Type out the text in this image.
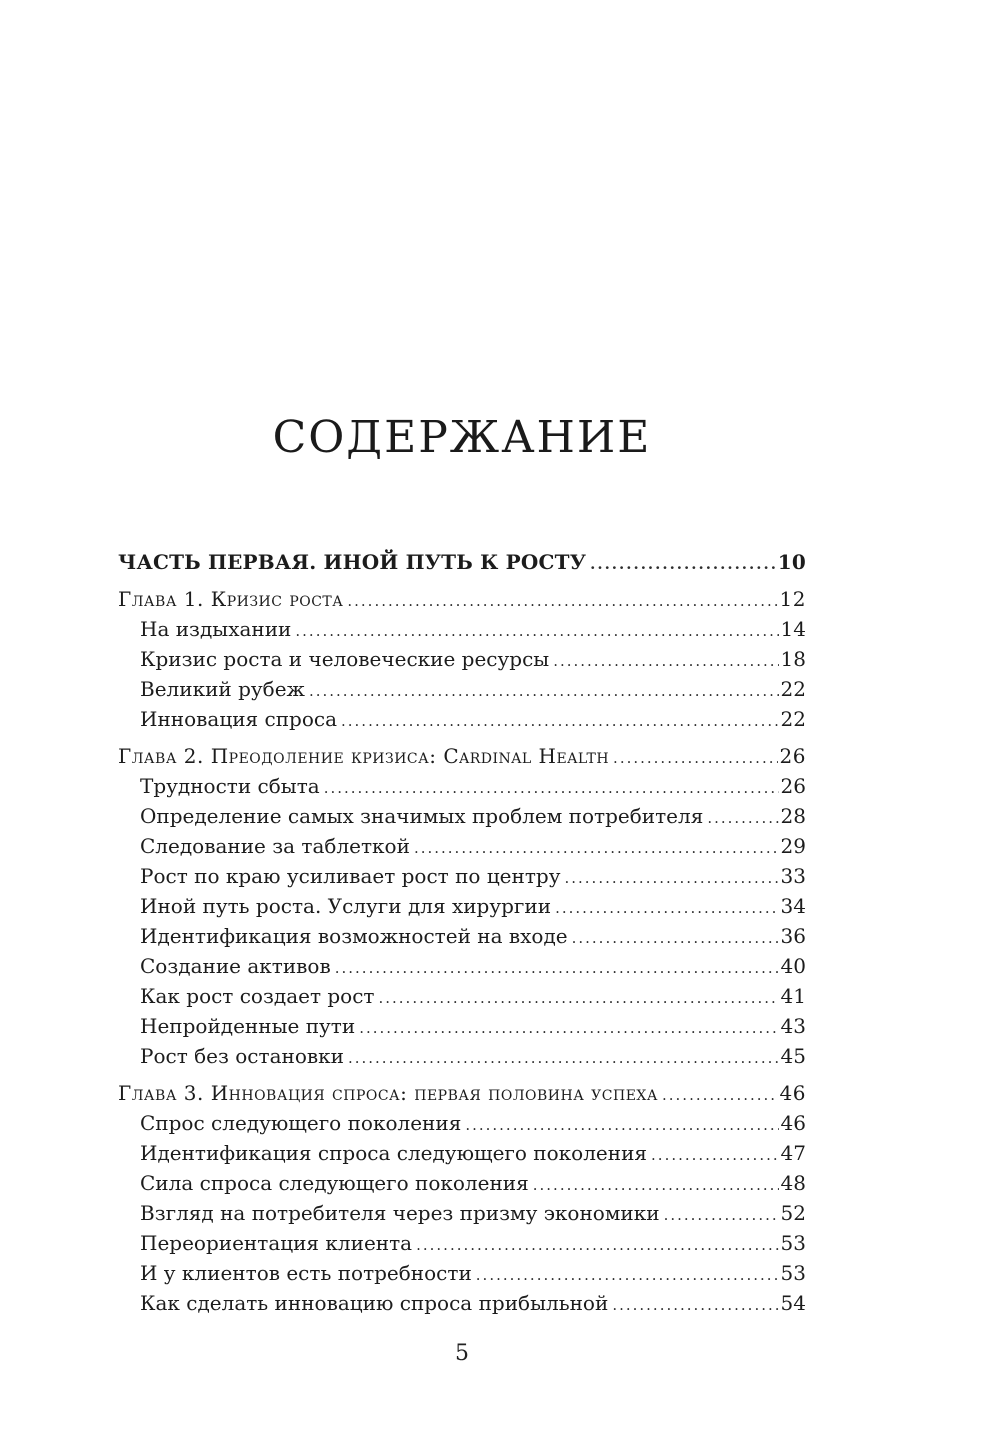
СОДЕРЖАНИЕ
ЧАСТЬ ПЕРВАЯ. ИНОЙ ПУТЬ К РОСТУ .....	10
Глава 1. Кризис роста .....	12
На издыхании .....	14
Кризис роста и человеческие ресурсы .....	18
Великий рубеж .....	22
Инновация спроса .....	22
Глава 2. Преодоление кризиса: Cardinal Health .....	26
Трудности сбыта .....	26
Определение самых значимых проблем потребителя .....	28
Следование за таблеткой .....	29
Рост по краю усиливает рост по центру .....	33
Иной путь роста. Услуги для хирургии .....	34
Идентификация возможностей на входе .....	36
Создание активов .....	40
Как рост создает рост .....	41
Непройденные пути .....	43
Рост без остановки .....	45
Глава 3. Инновация спроса: первая половина успеха .....	46
Спрос следующего поколения .....	46
Идентификация спроса следующего поколения .....	47
Сила спроса следующего поколения .....	48
Взгляд на потребителя через призму экономики .....	52
Переориентация клиента .....	53
И у клиентов есть потребности .....	53
Как сделать инновацию спроса прибыльной .....	54
5
